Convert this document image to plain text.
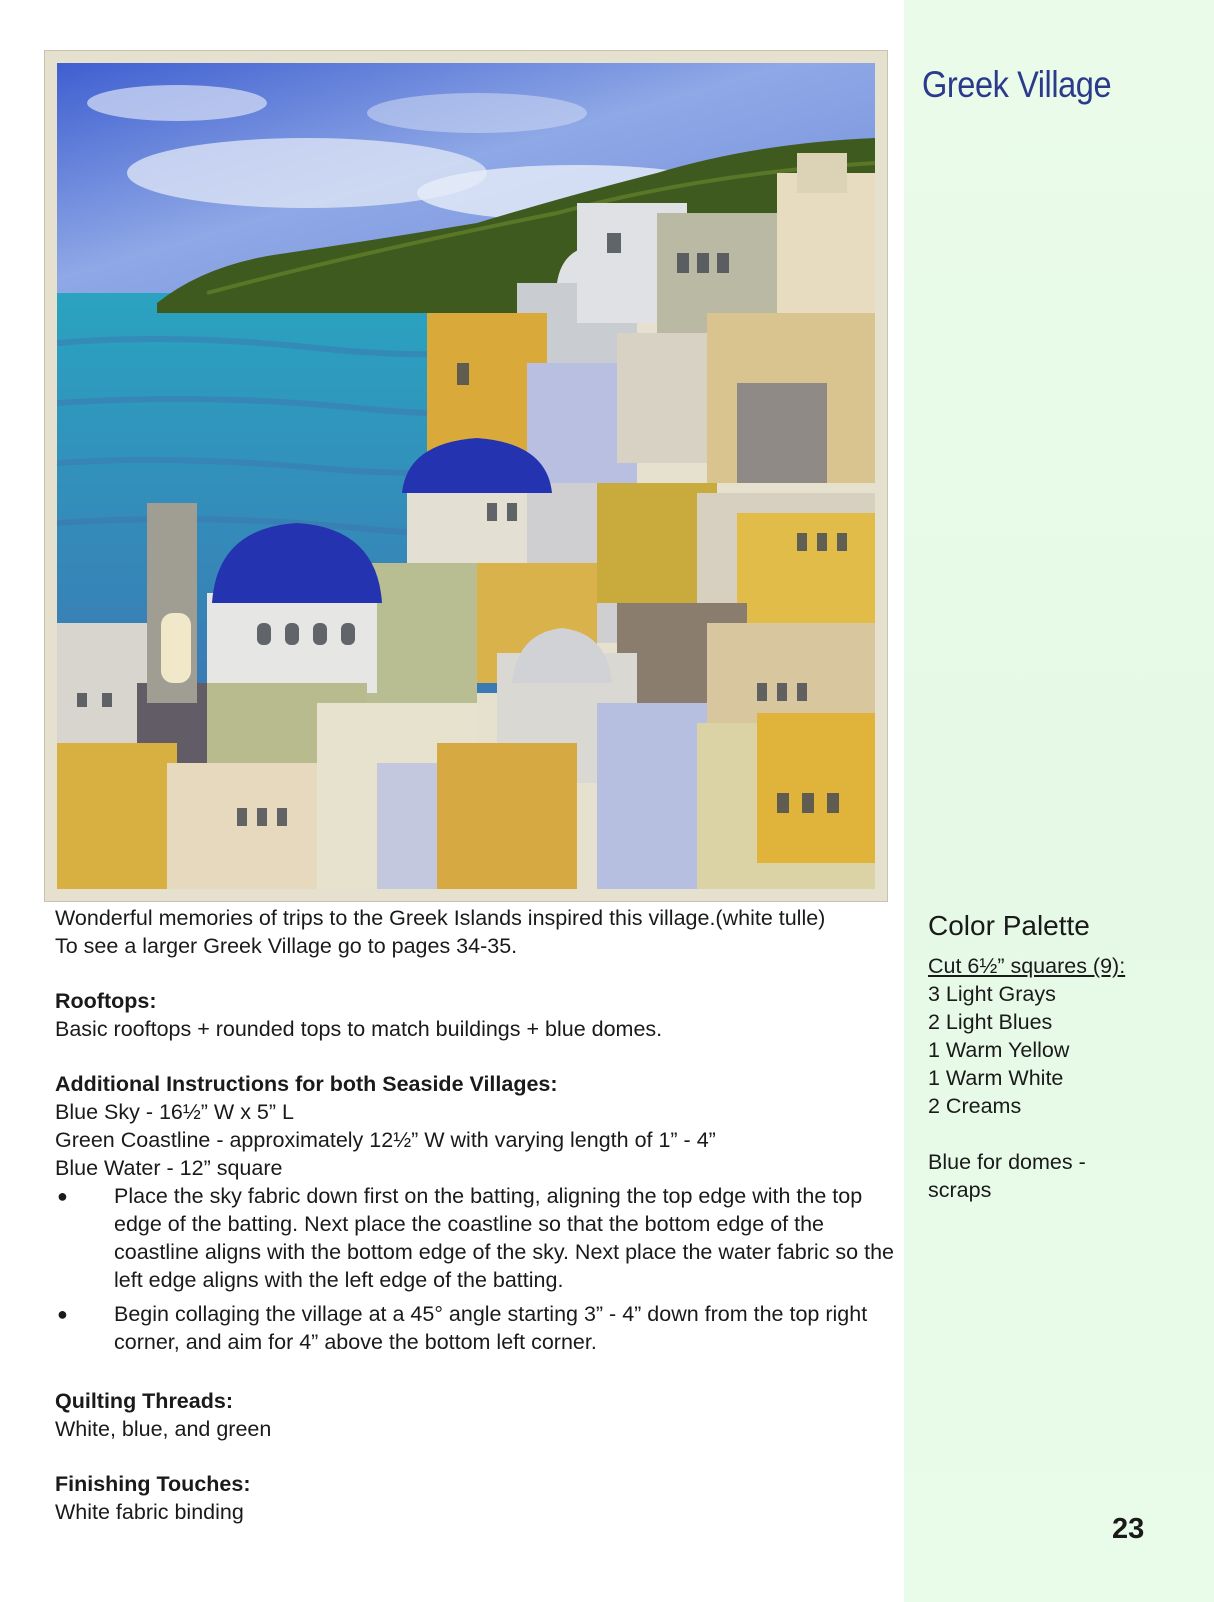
Greek Village

Wonderful memories of trips to the Greek Islands inspired this village.(white tulle)

To see a larger Greek Village go to pages 34-35.

Rooftops:

Basic rooftops + rounded tops to match buildings + blue domes.

Additional Instructions for both Seaside Villages:

Blue Sky - 16½” W x 5” L

Green Coastline - approximately 12½” W with varying length of 1” - 4”

Blue Water - 12” square

● Place the sky fabric down first on the batting, aligning the top edge with the top edge of the batting. Next place the coastline so that the bottom edge of the coastline aligns with the bottom edge of the sky. Next place the water fabric so the left edge aligns with the left edge of the batting.
● Begin collaging the village at a 45° angle starting 3” - 4” down from the top right corner, and aim for 4” above the bottom left corner.

Quilting Threads:

White, blue, and green

Finishing Touches:

White fabric binding

Color Palette

Cut 6½” squares (9):

3 Light Grays

2 Light Blues

1 Warm Yellow

1 Warm White

2 Creams

Blue for domes -

scraps

23
